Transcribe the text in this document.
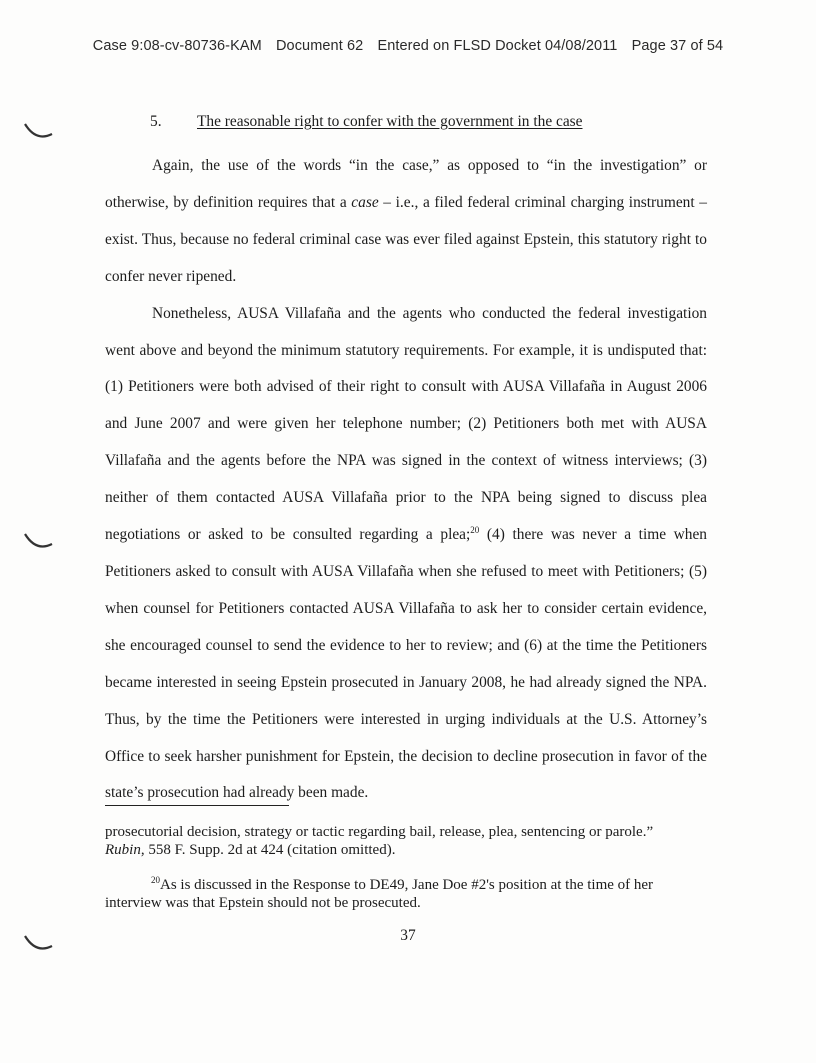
Case 9:08-cv-80736-KAM Document 62 Entered on FLSD Docket 04/08/2011 Page 37 of 54
5. The reasonable right to confer with the government in the case

Again, the use of the words “in the case,” as opposed to “in the investigation” or otherwise, by definition requires that a case – i.e., a filed federal criminal charging instrument – exist. Thus, because no federal criminal case was ever filed against Epstein, this statutory right to confer never ripened.

Nonetheless, AUSA Villafaña and the agents who conducted the federal investigation went above and beyond the minimum statutory requirements. For example, it is undisputed that: (1) Petitioners were both advised of their right to consult with AUSA Villafaña in August 2006 and June 2007 and were given her telephone number; (2) Petitioners both met with AUSA Villafaña and the agents before the NPA was signed in the context of witness interviews; (3) neither of them contacted AUSA Villafaña prior to the NPA being signed to discuss plea negotiations or asked to be consulted regarding a plea;$^{20}$ (4) there was never a time when Petitioners asked to consult with AUSA Villafaña when she refused to meet with Petitioners; (5) when counsel for Petitioners contacted AUSA Villafaña to ask her to consider certain evidence, she encouraged counsel to send the evidence to her to review; and (6) at the time the Petitioners became interested in seeing Epstein prosecuted in January 2008, he had already signed the NPA. Thus, by the time the Petitioners were interested in urging individuals at the U.S. Attorney’s Office to seek harsher punishment for Epstein, the decision to decline prosecution in favor of the state’s prosecution had already been made.

prosecutorial decision, strategy or tactic regarding bail, release, plea, sentencing or parole.” Rubin, 558 F. Supp. 2d at 424 (citation omitted).

$^{20}$As is discussed in the Response to DE49, Jane Doe #2's position at the time of her interview was that Epstein should not be prosecuted.

37
